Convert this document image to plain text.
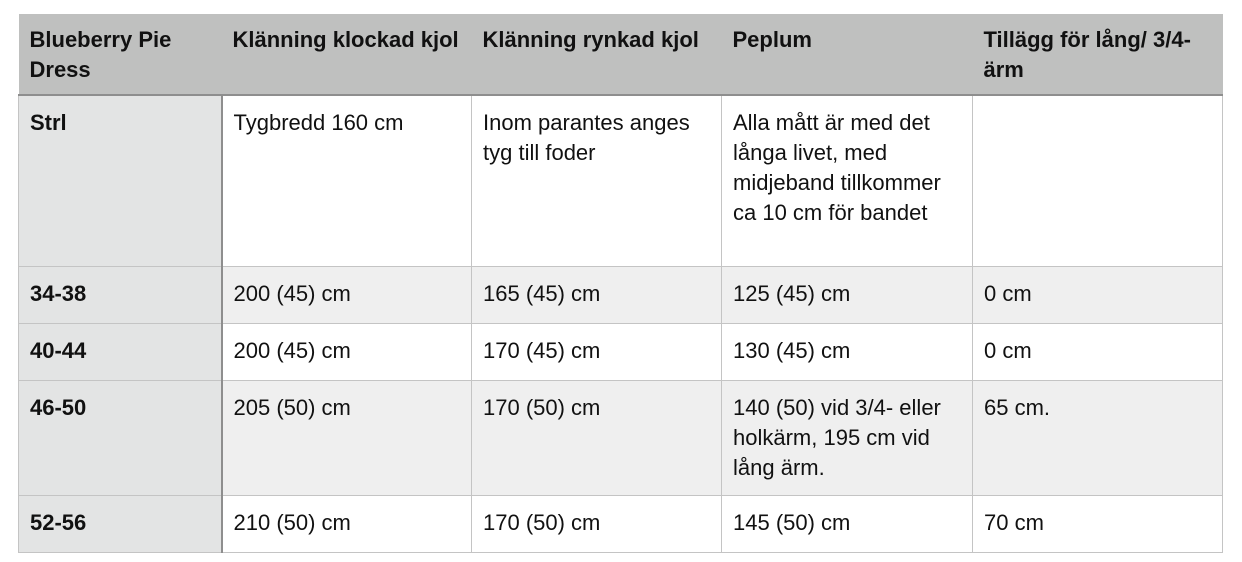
Blueberry Pie Dress	Klänning klockad kjol	Klänning rynkad kjol	Peplum	Tillägg för lång/ 3/4-ärm
Strl	Tygbredd 160 cm	Inom parantes anges tyg till foder	Alla mått är med det långa livet, med midjeband tillkommer ca 10 cm för bandet	
34-38	200 (45) cm	165 (45) cm	125 (45) cm	0 cm
40-44	200 (45) cm	170 (45) cm	130 (45) cm	0 cm
46-50	205 (50) cm	170 (50) cm	140 (50) vid 3/4- eller holkärm, 195 cm vid lång ärm.	65 cm.
52-56	210 (50) cm	170 (50) cm	145 (50) cm	70 cm
